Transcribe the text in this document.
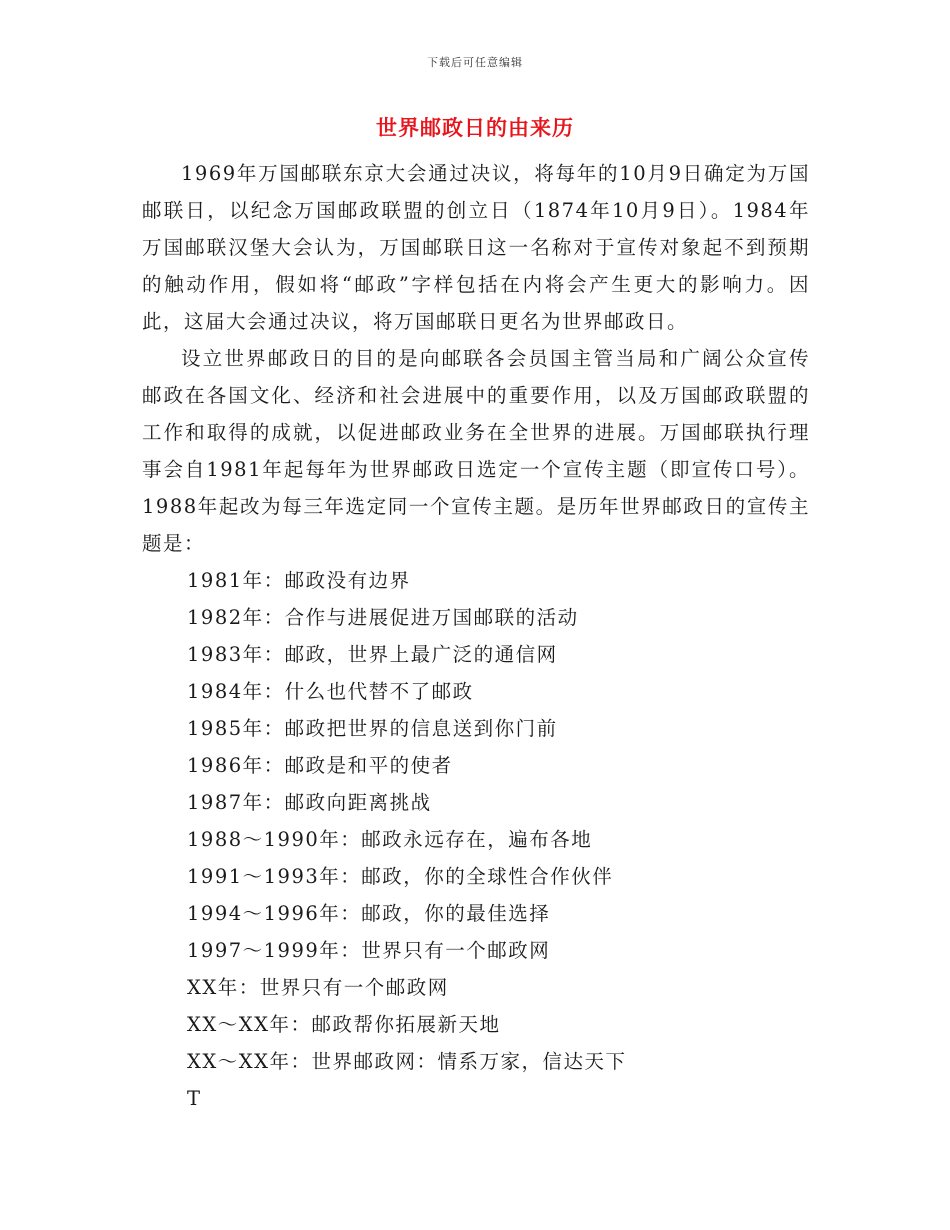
下载后可任意编辑
世界邮政日的由来历

1969年万国邮联东京大会通过决议，将每年的10月9日确定为万国邮联日，以纪念万国邮政联盟的创立日（1874年10月9日）。1984年万国邮联汉堡大会认为，万国邮联日这一名称对于宣传对象起不到预期的触动作用，假如将“邮政”字样包括在内将会产生更大的影响力。因此，这届大会通过决议，将万国邮联日更名为世界邮政日。

设立世界邮政日的目的是向邮联各会员国主管当局和广阔公众宣传邮政在各国文化、经济和社会进展中的重要作用，以及万国邮政联盟的工作和取得的成就，以促进邮政业务在全世界的进展。万国邮联执行理事会自1981年起每年为世界邮政日选定一个宣传主题（即宣传口号）。1988年起改为每三年选定同一个宣传主题。是历年世界邮政日的宣传主题是：

1981年：邮政没有边界
1982年：合作与进展促进万国邮联的活动
1983年：邮政，世界上最广泛的通信网
1984年：什么也代替不了邮政
1985年：邮政把世界的信息送到你门前
1986年：邮政是和平的使者
1987年：邮政向距离挑战
1988～1990年：邮政永远存在，遍布各地
1991～1993年：邮政，你的全球性合作伙伴
1994～1996年：邮政，你的最佳选择
1997～1999年：世界只有一个邮政网
XX年：世界只有一个邮政网
XX～XX年：邮政帮你拓展新天地
XX～XX年：世界邮政网：情系万家，信达天下
T
